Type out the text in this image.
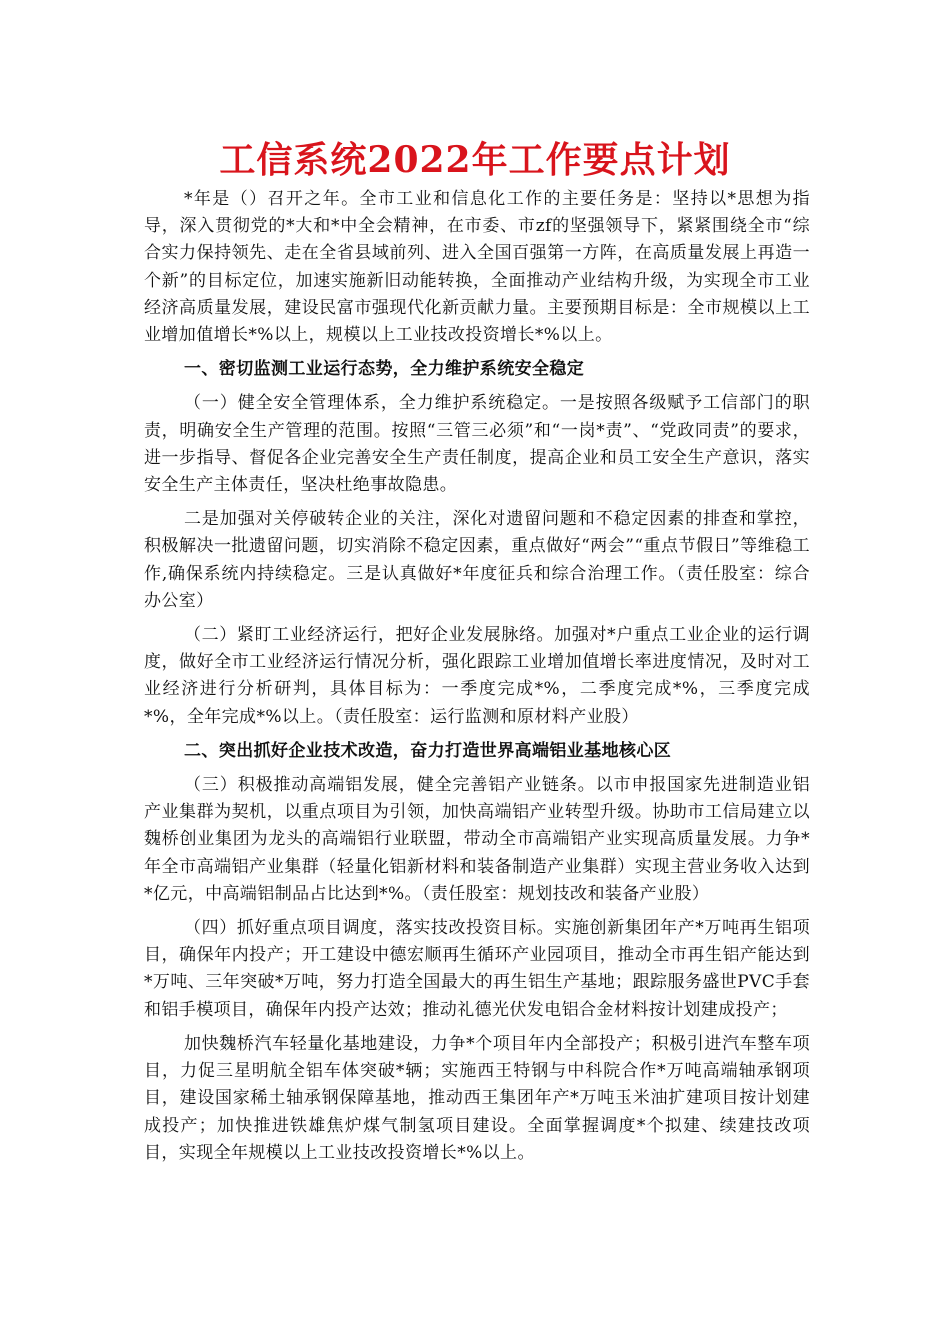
工信系统2022年工作要点计划

*年是（）召开之年。全市工业和信息化工作的主要任务是：坚持以*思想为指导，深入贯彻党的*大和*中全会精神，在市委、市zf的坚强领导下，紧紧围绕全市“综合实力保持领先、走在全省县域前列、进入全国百强第一方阵，在高质量发展上再造一个新”的目标定位，加速实施新旧动能转换，全面推动产业结构升级，为实现全市工业经济高质量发展，建设民富市强现代化新贡献力量。主要预期目标是：全市规模以上工业增加值增长*%以上，规模以上工业技改投资增长*%以上。

一、密切监测工业运行态势，全力维护系统安全稳定

（一）健全安全管理体系，全力维护系统稳定。一是按照各级赋予工信部门的职责，明确安全生产管理的范围。按照“三管三必须”和“一岗*责”、“党政同责”的要求，进一步指导、督促各企业完善安全生产责任制度，提高企业和员工安全生产意识，落实安全生产主体责任，坚决杜绝事故隐患。

二是加强对关停破转企业的关注，深化对遗留问题和不稳定因素的排查和掌控，积极解决一批遗留问题，切实消除不稳定因素，重点做好“两会”“重点节假日”等维稳工作,确保系统内持续稳定。三是认真做好*年度征兵和综合治理工作。（责任股室：综合办公室）

（二）紧盯工业经济运行，把好企业发展脉络。加强对*户重点工业企业的运行调度，做好全市工业经济运行情况分析，强化跟踪工业增加值增长率进度情况，及时对工业经济进行分析研判，具体目标为：一季度完成*%，二季度完成*%，三季度完成*%，全年完成*%以上。（责任股室：运行监测和原材料产业股）

二、突出抓好企业技术改造，奋力打造世界高端铝业基地核心区

（三）积极推动高端铝发展，健全完善铝产业链条。以市申报国家先进制造业铝产业集群为契机，以重点项目为引领，加快高端铝产业转型升级。协助市工信局建立以魏桥创业集团为龙头的高端铝行业联盟，带动全市高端铝产业实现高质量发展。力争*年全市高端铝产业集群（轻量化铝新材料和装备制造产业集群）实现主营业务收入达到*亿元，中高端铝制品占比达到*%。（责任股室：规划技改和装备产业股）

（四）抓好重点项目调度，落实技改投资目标。实施创新集团年产*万吨再生铝项目，确保年内投产；开工建设中德宏顺再生循环产业园项目，推动全市再生铝产能达到*万吨、三年突破*万吨，努力打造全国最大的再生铝生产基地；跟踪服务盛世PVC手套和铝手模项目，确保年内投产达效；推动礼德光伏发电铝合金材料按计划建成投产；

加快魏桥汽车轻量化基地建设，力争*个项目年内全部投产；积极引进汽车整车项目，力促三星明航全铝车体突破*辆；实施西王特钢与中科院合作*万吨高端轴承钢项目，建设国家稀土轴承钢保障基地，推动西王集团年产*万吨玉米油扩建项目按计划建成投产；加快推进铁雄焦炉煤气制氢项目建设。全面掌握调度*个拟建、续建技改项目，实现全年规模以上工业技改投资增长*%以上。
